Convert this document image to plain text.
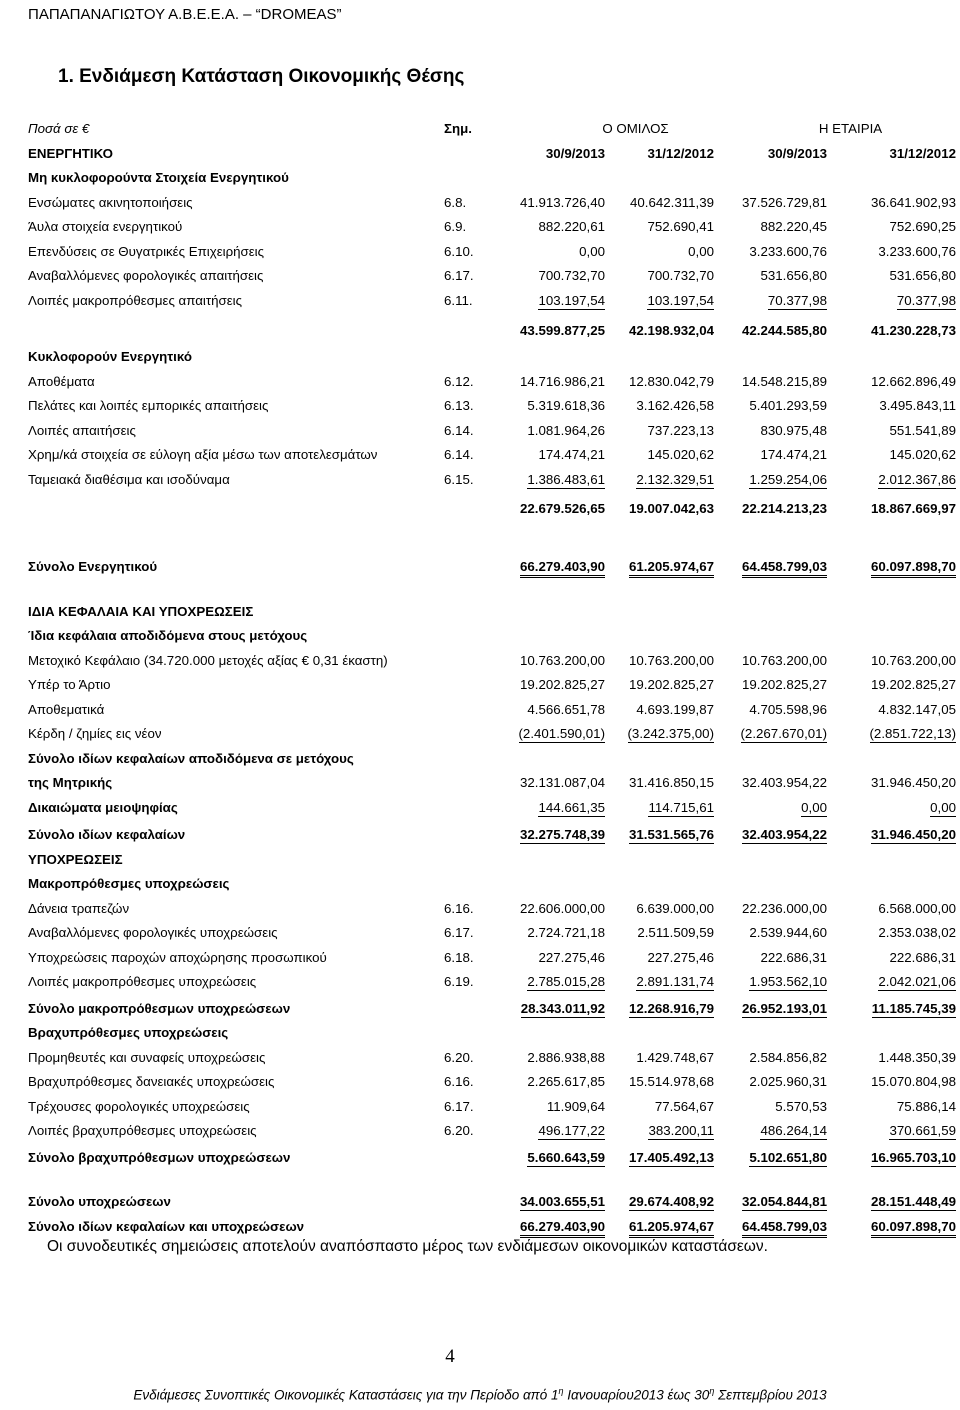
ΠΑΠΑΠΑΝΑΓΙΩΤΟΥ Α.Β.Ε.Ε.Α. – “DROMEAS”
1. Ενδιάμεση Κατάσταση Οικονομικής Θέσης
Ποσά σε €	Σημ.	Ο ΟΜΙΛΟΣ	Η ΕΤΑΙΡΙΑ
ΕΝΕΡΓΗΤΙΚΟ	30/9/2013	31/12/2012	30/9/2013	31/12/2012
Μη κυκλοφορούντα Στοιχεία Ενεργητικού
Ενσώματες ακινητοποιήσεις	6.8.	41.913.726,40 40.642.311,39 37.526.729,81	36.641.902,93
Άυλα στοιχεία ενεργητικού	6.9.	882.220,61	752.690,41	882.220,45	752.690,25
Επενδύσεις σε Θυγατρικές Επιχειρήσεις	6.10.	0,00	0,00	3.233.600,76	3.233.600,76
Αναβαλλόμενες φορολογικές απαιτήσεις	6.17.	700.732,70	700.732,70	531.656,80	531.656,80
Λοιπές μακροπρόθεσμες απαιτήσεις	6.11.	103.197,54	103.197,54	70.377,98	70.377,98
43.599.877,25 42.198.932,04 42.244.585,80	41.230.228,73
Κυκλοφορούν Ενεργητικό
Αποθέματα	6.12.	14.716.986,21 12.830.042,79 14.548.215,89	12.662.896,49
Πελάτες και λοιπές εμπορικές απαιτήσεις	6.13.	5.319.618,36 3.162.426,58	5.401.293,59	3.495.843,11
Λοιπές απαιτήσεις	6.14.	1.081.964,26	737.223,13	830.975,48	551.541,89
Χρημ/κά στοιχεία σε εύλογη αξία μέσω των αποτελεσμάτων	6.14.	174.474,21	145.020,62	174.474,21	145.020,62
Ταμειακά διαθέσιμα και ισοδύναμα	6.15.	1.386.483,61 2.132.329,51	1.259.254,06	2.012.367,86
22.679.526,65 19.007.042,63 22.214.213,23	18.867.669,97
Σύνολο Ενεργητικού	66.279.403,90 61.205.974,67 64.458.799,03	60.097.898,70
ΙΔΙΑ ΚΕΦΑΛΑΙΑ ΚΑΙ ΥΠΟΧΡΕΩΣΕΙΣ
Ίδια κεφάλαια αποδιδόμενα στους μετόχους
Μετοχικό Κεφάλαιο (34.720.000 μετοχές αξίας € 0,31 έκαστη)	10.763.200,00 10.763.200,00 10.763.200,00	10.763.200,00
Υπέρ το Άρτιο	19.202.825,27 19.202.825,27 19.202.825,27	19.202.825,27
Αποθεματικά	4.566.651,78 4.693.199,87	4.705.598,96	4.832.147,05
Κέρδη / ζημίες εις νέον	(2.401.590,01) (3.242.375,00) (2.267.670,01)	(2.851.722,13)
Σύνολο ιδίων κεφαλαίων αποδιδόμενα σε μετόχους
της Μητρικής	32.131.087,04 31.416.850,15 32.403.954,22	31.946.450,20
Δικαιώματα μειοψηφίας	144.661,35	114.715,61	0,00	0,00
Σύνολο ιδίων κεφαλαίων	32.275.748,39 31.531.565,76 32.403.954,22	31.946.450,20
ΥΠΟΧΡΕΩΣΕΙΣ
Μακροπρόθεσμες υποχρεώσεις
Δάνεια τραπεζών	6.16.	22.606.000,00 6.639.000,00 22.236.000,00	6.568.000,00
Αναβαλλόμενες φορολογικές υποχρεώσεις	6.17.	2.724.721,18 2.511.509,59	2.539.944,60	2.353.038,02
Υποχρεώσεις παροχών αποχώρησης προσωπικού	6.18.	227.275,46	227.275,46	222.686,31	222.686,31
Λοιπές μακροπρόθεσμες υποχρεώσεις	6.19.	2.785.015,28 2.891.131,74	1.953.562,10	2.042.021,06
Σύνολο μακροπρόθεσμων υποχρεώσεων	28.343.011,92 12.268.916,79 26.952.193,01	11.185.745,39
Βραχυπρόθεσμες υποχρεώσεις
Προμηθευτές και συναφείς υποχρεώσεις	6.20.	2.886.938,88 1.429.748,67	2.584.856,82	1.448.350,39
Βραχυπρόθεσμες δανειακές υποχρεώσεις	6.16.	2.265.617,85 15.514.978,68	2.025.960,31	15.070.804,98
Τρέχουσες φορολογικές υποχρεώσεις	6.17.	11.909,64	77.564,67	5.570,53	75.886,14
Λοιπές βραχυπρόθεσμες υποχρεώσεις	6.20.	496.177,22	383.200,11	486.264,14	370.661,59
Σύνολο βραχυπρόθεσμων υποχρεώσεων	5.660.643,59 17.405.492,13	5.102.651,80	16.965.703,10
Σύνολο υποχρεώσεων	34.003.655,51 29.674.408,92 32.054.844,81	28.151.448,49
Σύνολο ιδίων κεφαλαίων και υποχρεώσεων	66.279.403,90 61.205.974,67 64.458.799,03	60.097.898,70
Οι συνοδευτικές σημειώσεις αποτελούν αναπόσπαστο μέρος των ενδιάμεσων οικονομικών καταστάσεων.
4
Ενδιάμεσες Συνοπτικές Οικονομικές Καταστάσεις για την Περίοδο από $1^\eta$ Ιανουαρίου2013 έως $30^\eta$ Σεπτεμβρίου 2013
